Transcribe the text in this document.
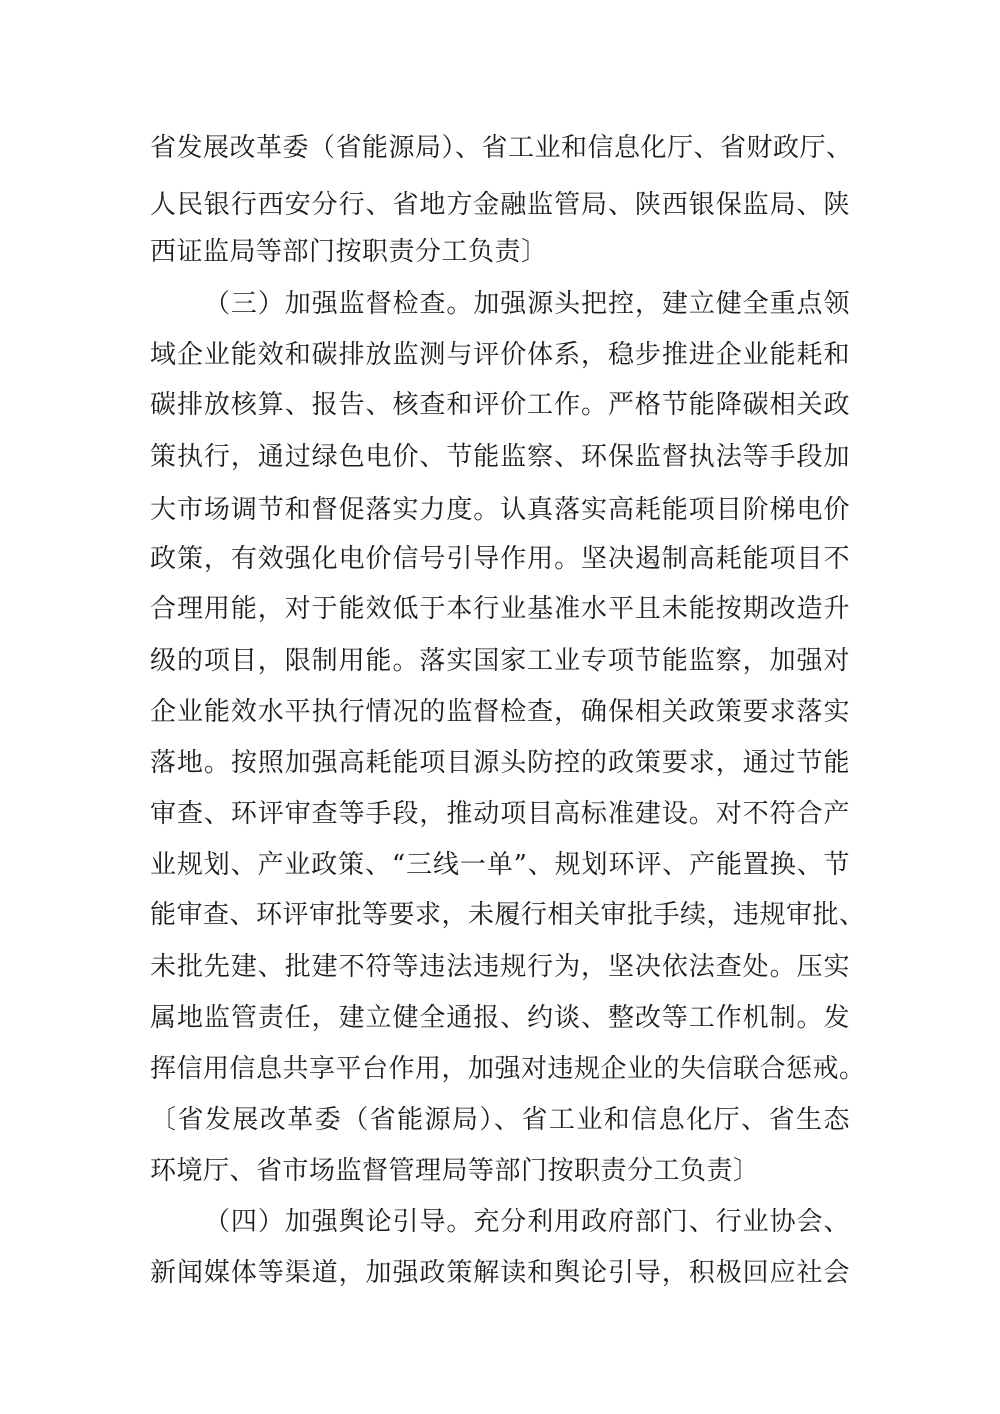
省发展改革委（省能源局）、省工业和信息化厅、省财政厅、
人民银行西安分行、省地方金融监管局、陕西银保监局、陕
西证监局等部门按职责分工负责〕
（三）加强监督检查。加强源头把控，建立健全重点领
域企业能效和碳排放监测与评价体系，稳步推进企业能耗和
碳排放核算、报告、核查和评价工作。严格节能降碳相关政
策执行，通过绿色电价、节能监察、环保监督执法等手段加
大市场调节和督促落实力度。认真落实高耗能项目阶梯电价
政策，有效强化电价信号引导作用。坚决遏制高耗能项目不
合理用能，对于能效低于本行业基准水平且未能按期改造升
级的项目，限制用能。落实国家工业专项节能监察，加强对
企业能效水平执行情况的监督检查，确保相关政策要求落实
落地。按照加强高耗能项目源头防控的政策要求，通过节能
审查、环评审查等手段，推动项目高标准建设。对不符合产
业规划、产业政策、“三线一单”、规划环评、产能置换、节
能审查、环评审批等要求，未履行相关审批手续，违规审批、
未批先建、批建不符等违法违规行为，坚决依法查处。压实
属地监管责任，建立健全通报、约谈、整改等工作机制。发
挥信用信息共享平台作用，加强对违规企业的失信联合惩戒。
〔省发展改革委（省能源局）、省工业和信息化厅、省生态
环境厅、省市场监督管理局等部门按职责分工负责〕
（四）加强舆论引导。充分利用政府部门、行业协会、
新闻媒体等渠道，加强政策解读和舆论引导，积极回应社会
